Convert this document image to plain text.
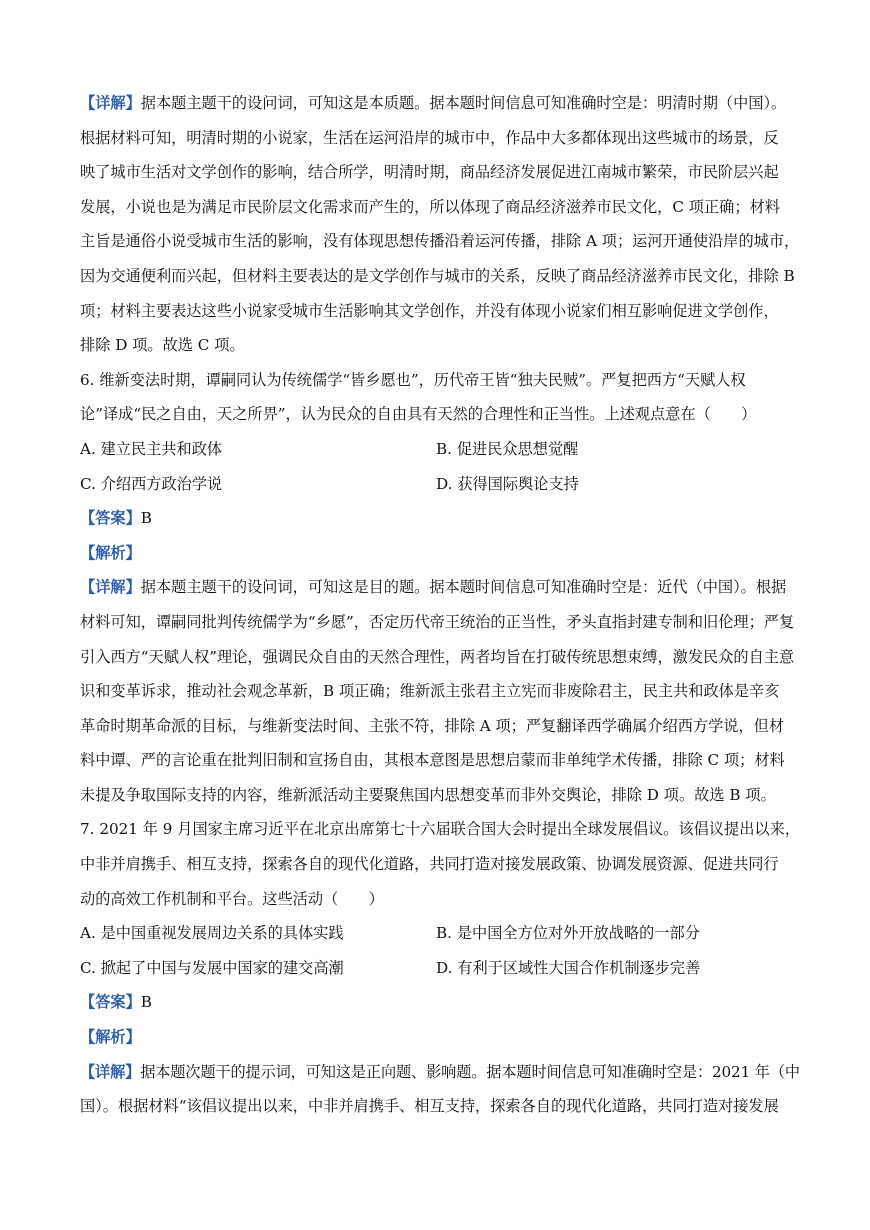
【详解】据本题主题干的设问词，可知这是本质题。据本题时间信息可知准确时空是：明清时期（中国）。
根据材料可知，明清时期的小说家，生活在运河沿岸的城市中，作品中大多都体现出这些城市的场景，反
映了城市生活对文学创作的影响，结合所学，明清时期，商品经济发展促进江南城市繁荣，市民阶层兴起
发展，小说也是为满足市民阶层文化需求而产生的，所以体现了商品经济滋养市民文化，C 项正确；材料
主旨是通俗小说受城市生活的影响，没有体现思想传播沿着运河传播，排除 A 项；运河开通使沿岸的城市，
因为交通便利而兴起，但材料主要表达的是文学创作与城市的关系，反映了商品经济滋养市民文化，排除 B
项；材料主要表达这些小说家受城市生活影响其文学创作，并没有体现小说家们相互影响促进文学创作，
排除 D 项。故选 C 项。
6. 维新变法时期，谭嗣同认为传统儒学“皆乡愿也”，历代帝王皆“独夫民贼”。严复把西方“天赋人权
论”译成“民之自由，天之所畀”，认为民众的自由具有天然的合理性和正当性。上述观点意在（　　）
A. 建立民主共和政体	B. 促进民众思想觉醒
C. 介绍西方政治学说	D. 获得国际舆论支持
【答案】B
【解析】
【详解】据本题主题干的设问词，可知这是目的题。据本题时间信息可知准确时空是：近代（中国）。根据
材料可知，谭嗣同批判传统儒学为“乡愿”，否定历代帝王统治的正当性，矛头直指封建专制和旧伦理；严复
引入西方“天赋人权”理论，强调民众自由的天然合理性，两者均旨在打破传统思想束缚，激发民众的自主意
识和变革诉求，推动社会观念革新，B 项正确；维新派主张君主立宪而非废除君主，民主共和政体是辛亥
革命时期革命派的目标，与维新变法时间、主张不符，排除 A 项；严复翻译西学确属介绍西方学说，但材
料中谭、严的言论重在批判旧制和宣扬自由，其根本意图是思想启蒙而非单纯学术传播，排除 C 项；材料
未提及争取国际支持的内容，维新派活动主要聚焦国内思想变革而非外交舆论，排除 D 项。故选 B 项。
7. 2021 年 9 月国家主席习近平在北京出席第七十六届联合国大会时提出全球发展倡议。该倡议提出以来，
中非并肩携手、相互支持，探索各自的现代化道路，共同打造对接发展政策、协调发展资源、促进共同行
动的高效工作机制和平台。这些活动（　　）
A. 是中国重视发展周边关系的具体实践	B. 是中国全方位对外开放战略的一部分
C. 掀起了中国与发展中国家的建交高潮	D. 有利于区域性大国合作机制逐步完善
【答案】B
【解析】
【详解】据本题次题干的提示词，可知这是正向题、影响题。据本题时间信息可知准确时空是：2021 年（中
国）。根据材料“该倡议提出以来，中非并肩携手、相互支持，探索各自的现代化道路，共同打造对接发展
